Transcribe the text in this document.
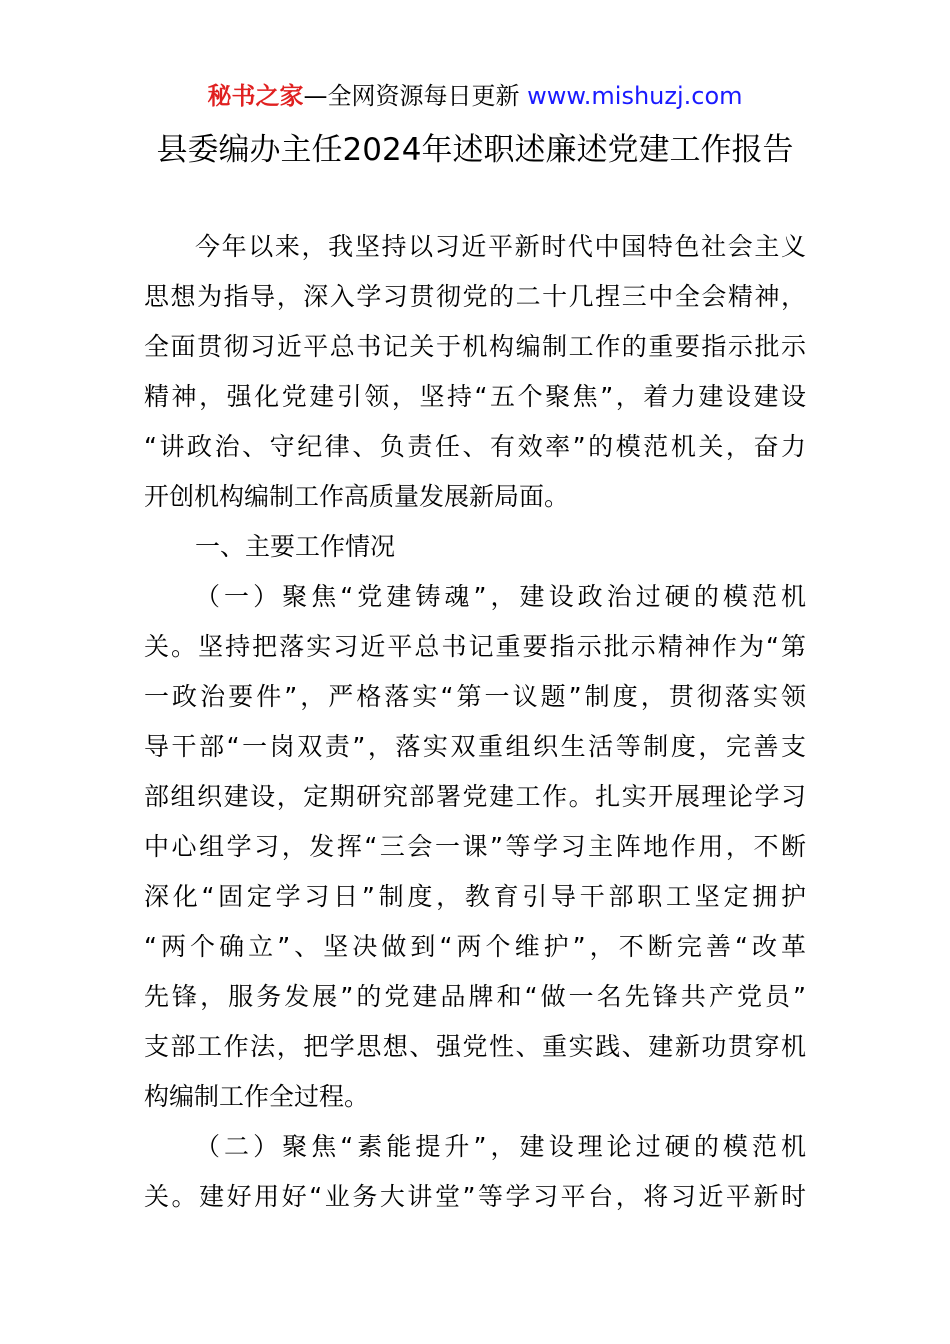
秘书之家—全网资源每日更新 www.mishuzj.com
县委编办主任2024年述职述廉述党建工作报告
今年以来，我坚持以习近平新时代中国特色社会主义
思想为指导，深入学习贯彻党的二十几捏三中全会精神，
全面贯彻习近平总书记关于机构编制工作的重要指示批示
精神，强化党建引领，坚持“五个聚焦”，着力建设建设
“讲政治、守纪律、负责任、有效率”的模范机关，奋力
开创机构编制工作高质量发展新局面。
一、主要工作情况
（一）聚焦“党建铸魂”，建设政治过硬的模范机
关。坚持把落实习近平总书记重要指示批示精神作为“第
一政治要件”，严格落实“第一议题”制度，贯彻落实领
导干部“一岗双责”，落实双重组织生活等制度，完善支
部组织建设，定期研究部署党建工作。扎实开展理论学习
中心组学习，发挥“三会一课”等学习主阵地作用，不断
深化“固定学习日”制度，教育引导干部职工坚定拥护
“两个确立”、坚决做到“两个维护”，不断完善“改革
先锋，服务发展”的党建品牌和“做一名先锋共产党员”
支部工作法，把学思想、强党性、重实践、建新功贯穿机
构编制工作全过程。
（二）聚焦“素能提升”，建设理论过硬的模范机
关。建好用好“业务大讲堂”等学习平台，将习近平新时
